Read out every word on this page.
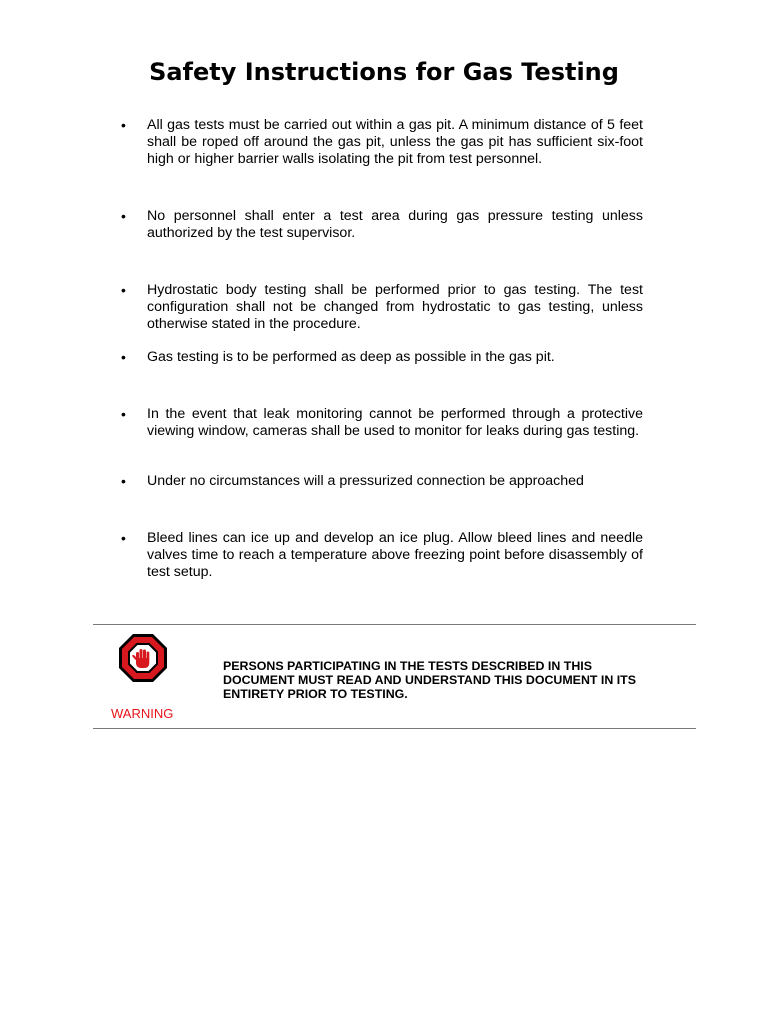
Safety Instructions for Gas Testing
• All gas tests must be carried out within a gas pit. A minimum distance of 5 feet shall be roped off around the gas pit, unless the gas pit has sufficient six-foot high or higher barrier walls isolating the pit from test personnel.

• No personnel shall enter a test area during gas pressure testing unless authorized by the test supervisor.

• Hydrostatic body testing shall be performed prior to gas testing. The test configuration shall not be changed from hydrostatic to gas testing, unless otherwise stated in the procedure.

• Gas testing is to be performed as deep as possible in the gas pit.

• In the event that leak monitoring cannot be performed through a protective viewing window, cameras shall be used to monitor for leaks during gas testing.

• Under no circumstances will a pressurized connection be approached

• Bleed lines can ice up and develop an ice plug. Allow bleed lines and needle valves time to reach a temperature above freezing point before disassembly of test setup.

WARNING

PERSONS PARTICIPATING IN THE TESTS DESCRIBED IN THIS DOCUMENT MUST READ AND UNDERSTAND THIS DOCUMENT IN ITS ENTIRETY PRIOR TO TESTING.
